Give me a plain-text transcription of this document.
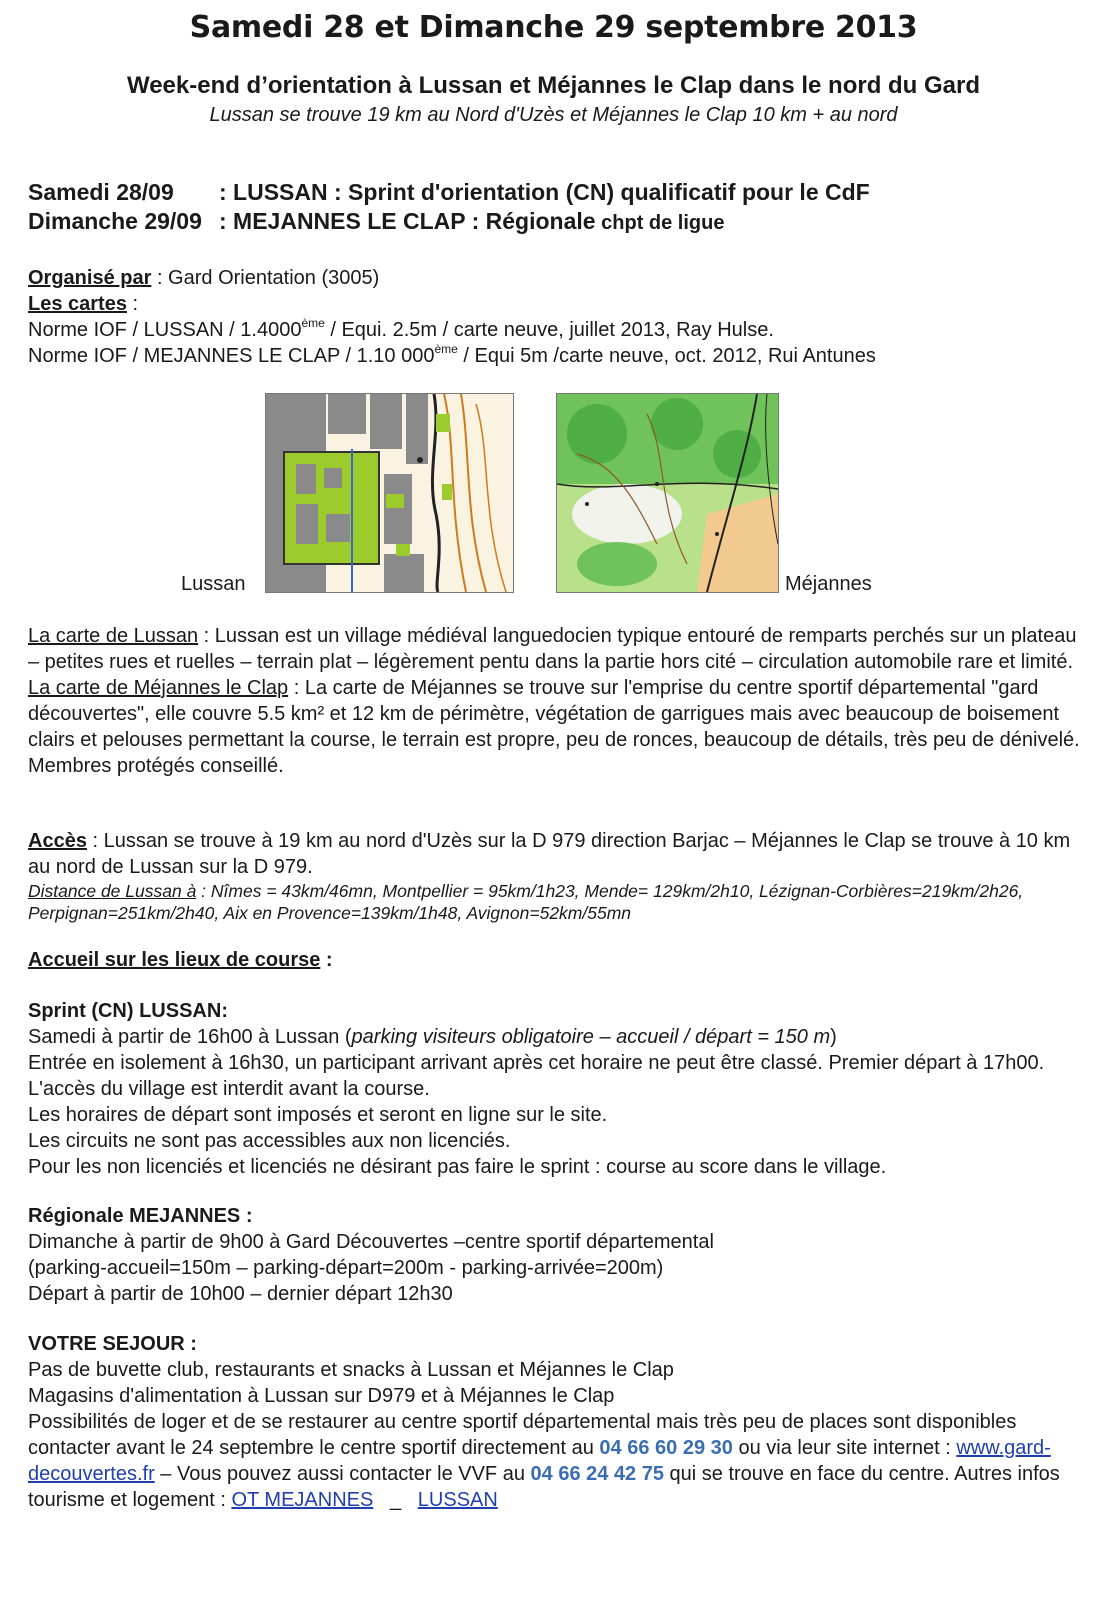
Samedi 28 et Dimanche 29 septembre 2013
Week-end d’orientation à Lussan et Méjannes le Clap dans le nord du Gard
Lussan se trouve 19 km au Nord d'Uzès et Méjannes le Clap 10 km + au nord
Samedi 28/09 : LUSSAN : Sprint d'orientation (CN) qualificatif pour le CdF
Dimanche 29/09 : MEJANNES LE CLAP : Régionale chpt de ligue
Organisé par : Gard Orientation (3005)
Les cartes :
Norme IOF / LUSSAN / 1.4000ème / Equi. 2.5m / carte neuve, juillet 2013, Ray Hulse.
Norme IOF / MEJANNES LE CLAP / 1.10 000ème / Equi 5m /carte neuve, oct. 2012, Rui Antunes
Lussan	Méjannes
La carte de Lussan : Lussan est un village médiéval languedocien typique entouré de remparts perchés sur un plateau – petites rues et ruelles – terrain plat – légèrement pentu dans la partie hors cité – circulation automobile rare et limité.
La carte de Méjannes le Clap : La carte de Méjannes se trouve sur l'emprise du centre sportif départemental "gard découvertes", elle couvre 5.5 km² et 12 km de périmètre, végétation de garrigues mais avec beaucoup de boisement clairs et pelouses permettant la course, le terrain est propre, peu de ronces, beaucoup de détails, très peu de dénivelé. Membres protégés conseillé.
Accès : Lussan se trouve à 19 km au nord d'Uzès sur la D 979 direction Barjac – Méjannes le Clap se trouve à 10 km au nord de Lussan sur la D 979.
Distance de Lussan à : Nîmes = 43km/46mn, Montpellier = 95km/1h23, Mende= 129km/2h10, Lézignan-Corbières=219km/2h26, Perpignan=251km/2h40, Aix en Provence=139km/1h48, Avignon=52km/55mn
Accueil sur les lieux de course :
Sprint (CN) LUSSAN:
Samedi à partir de 16h00 à Lussan (parking visiteurs obligatoire – accueil / départ = 150 m)
Entrée en isolement à 16h30, un participant arrivant après cet horaire ne peut être classé. Premier départ à 17h00. L'accès du village est interdit avant la course.
Les horaires de départ sont imposés et seront en ligne sur le site.
Les circuits ne sont pas accessibles aux non licenciés.
Pour les non licenciés et licenciés ne désirant pas faire le sprint : course au score dans le village.
Régionale MEJANNES :
Dimanche à partir de 9h00 à Gard Découvertes –centre sportif départemental
(parking-accueil=150m – parking-départ=200m - parking-arrivée=200m)
Départ à partir de 10h00 – dernier départ 12h30
VOTRE SEJOUR :
Pas de buvette club, restaurants et snacks à Lussan et Méjannes le Clap
Magasins d'alimentation à Lussan sur D979 et à Méjannes le Clap
Possibilités de loger et de se restaurer au centre sportif départemental mais très peu de places sont disponibles contacter avant le 24 septembre le centre sportif directement au 04 66 60 29 30 ou via leur site internet : www.gard-decouvertes.fr – Vous pouvez aussi contacter le VVF au 04 66 24 42 75 qui se trouve en face du centre. Autres infos tourisme et logement : OT MEJANNES   _   LUSSAN
